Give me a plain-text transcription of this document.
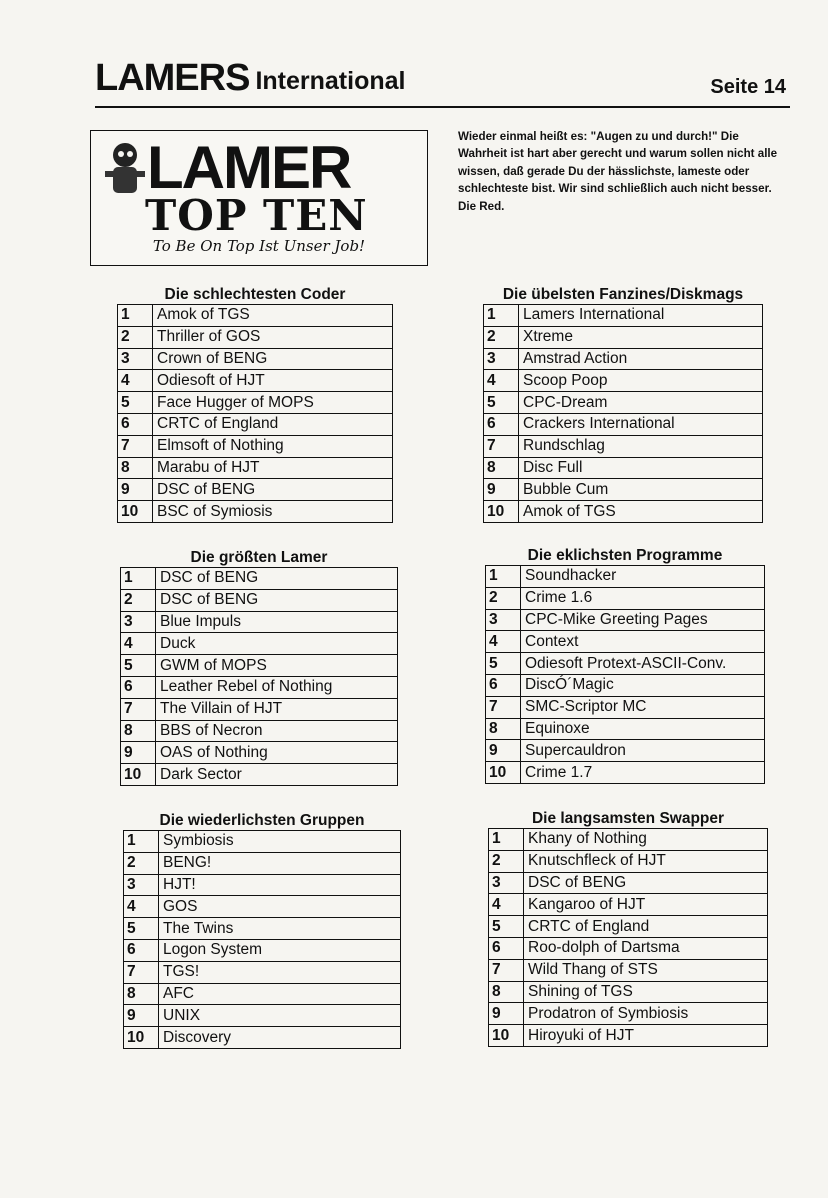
LAMERS International	Seite 14
LAMER
TOP TEN
To Be On Top Ist Unser Job!
Wieder einmal heißt es: "Augen zu und durch!" Die Wahrheit ist hart aber gerecht und warum sollen nicht alle wissen, daß gerade Du der hässlichste, lameste oder schlechteste bist. Wir sind schließlich auch nicht besser. Die Red.
Die schlechtesten Coder
1	Amok of TGS
2	Thriller of GOS
3	Crown of BENG
4	Odiesoft of HJT
5	Face Hugger of MOPS
6	CRTC of England
7	Elmsoft of Nothing
8	Marabu of HJT
9	DSC of BENG
10	BSC of Symiosis
Die übelsten Fanzines/Diskmags
1	Lamers International
2	Xtreme
3	Amstrad Action
4	Scoop Poop
5	CPC-Dream
6	Crackers International
7	Rundschlag
8	Disc Full
9	Bubble Cum
10	Amok of TGS
Die größten Lamer
1	DSC of BENG
2	DSC of BENG
3	Blue Impuls
4	Duck
5	GWM of MOPS
6	Leather Rebel of Nothing
7	The Villain of HJT
8	BBS of Necron
9	OAS of Nothing
10	Dark Sector
Die eklichsten Programme
1	Soundhacker
2	Crime 1.6
3	CPC-Mike Greeting Pages
4	Context
5	Odiesoft Protext-ASCII-Conv.
6	DiscÓ´Magic
7	SMC-Scriptor MC
8	Equinoxe
9	Supercauldron
10	Crime 1.7
Die wiederlichsten Gruppen
1	Symbiosis
2	BENG!
3	HJT!
4	GOS
5	The Twins
6	Logon System
7	TGS!
8	AFC
9	UNIX
10	Discovery
Die langsamsten Swapper
1	Khany of Nothing
2	Knutschfleck of HJT
3	DSC of BENG
4	Kangaroo of HJT
5	CRTC of England
6	Roo-dolph of Dartsma
7	Wild Thang of STS
8	Shining of TGS
9	Prodatron of Symbiosis
10	Hiroyuki of HJT
